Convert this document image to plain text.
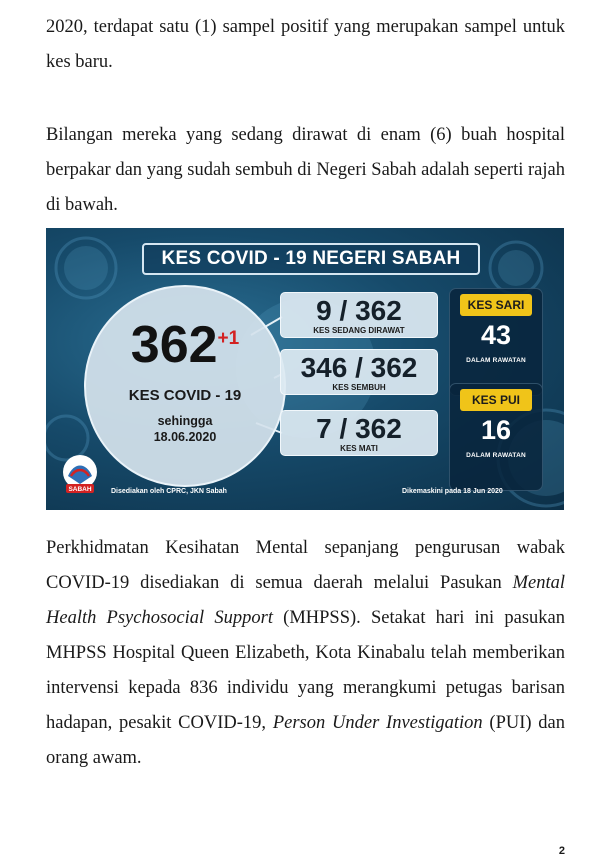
2020, terdapat satu (1) sampel positif yang merupakan sampel untuk kes baru.

Bilangan mereka yang sedang dirawat di enam (6) buah hospital berpakar dan yang sudah sembuh di Negeri Sabah adalah seperti rajah di bawah.

KES COVID - 19 NEGERI SABAH
$362^{+1}$
KES COVID - 19
sehingga
18.06.2020
9 / 362
KES SEDANG DIRAWAT
346 / 362
KES SEMBUH
7 / 362
KES MATI
KES SARI
43
DALAM RAWATAN
KES PUI
16
DALAM RAWATAN
SABAH	Disediakan oleh CPRC, JKN Sabah	Dikemaskini pada 18 Jun 2020

Perkhidmatan Kesihatan Mental sepanjang pengurusan wabak COVID-19 disediakan di semua daerah melalui Pasukan Mental Health Psychosocial Support (MHPSS). Setakat hari ini pasukan MHPSS Hospital Queen Elizabeth, Kota Kinabalu telah memberikan intervensi kepada 836 individu yang merangkumi petugas barisan hadapan, pesakit COVID-19, Person Under Investigation (PUI) dan orang awam.

2
